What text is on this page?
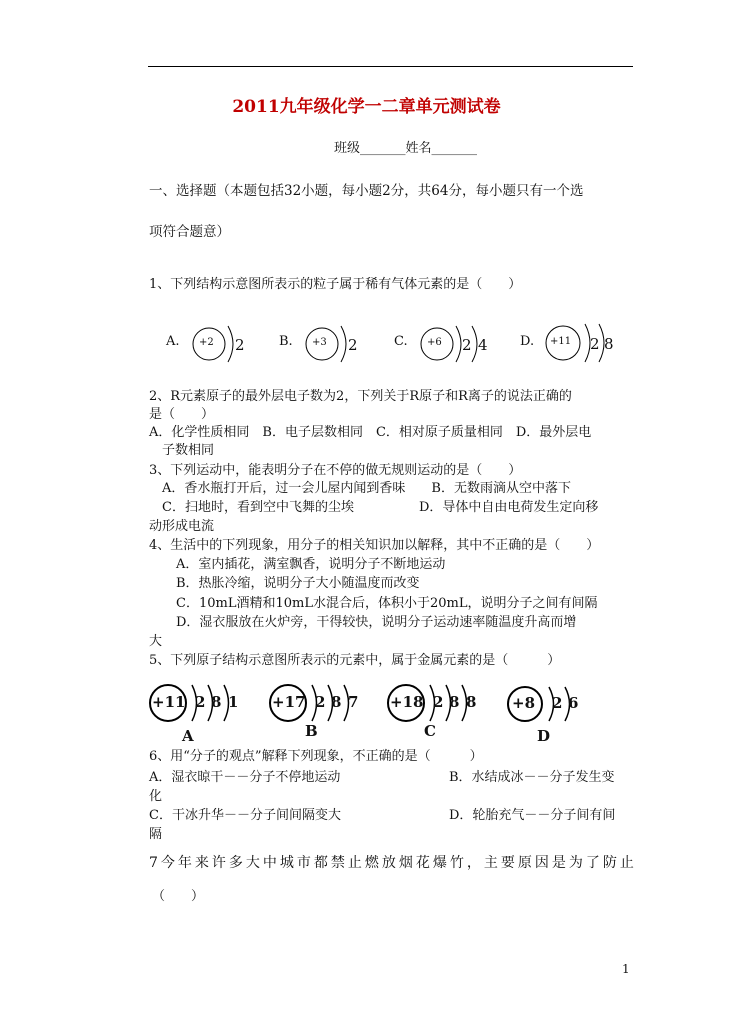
2011九年级化学一二章单元测试卷
班级_______姓名_______
一、选择题（本题包括32小题，每小题2分，共64分，每小题只有一个选
项符合题意）
1、下列结构示意图所表示的粒子属于稀有气体元素的是（　　）
A. +2 2	B. +3 2	C. +6 2 4 D. +11 2 8
2、R元素原子的最外层电子数为2，下列关于R原子和R离子的说法正确的
是（　　）
A．化学性质相同　B．电子层数相同　C．相对原子质量相同　D．最外层电
子数相同
3、下列运动中，能表明分子在不停的做无规则运动的是（　　）
A．香水瓶打开后，过一会儿屋内闻到香味　　B．无数雨滴从空中落下
C．扫地时，看到空中飞舞的尘埃　　　　　D．导体中自由电荷发生定向移
动形成电流
4、生活中的下列现象，用分子的相关知识加以解释，其中不正确的是（　　）
A．室内插花，满室飘香，说明分子不断地运动
B．热胀冷缩，说明分子大小随温度而改变
C．10mL酒精和10mL水混合后，体积小于20mL，说明分子之间有间隔
D．湿衣服放在火炉旁，干得较快，说明分子运动速率随温度升高而增
大
5、下列原子结构示意图所表示的元素中，属于金属元素的是（　　　）
+11 2 8 1
A
+17 2 8 7
B
+18 2 8 8
C
+8 2 6
D
6、用“分子的观点”解释下列现象，不正确的是（　　　）
A．湿衣晾干－－分子不停地运动	B．水结成冰－－分子发生变
化
C．干冰升华－－分子间间隔变大	D．轮胎充气－－分子间有间
隔
7今年来许多大中城市都禁止燃放烟花爆竹，主要原因是为了防止
（　　）
1
